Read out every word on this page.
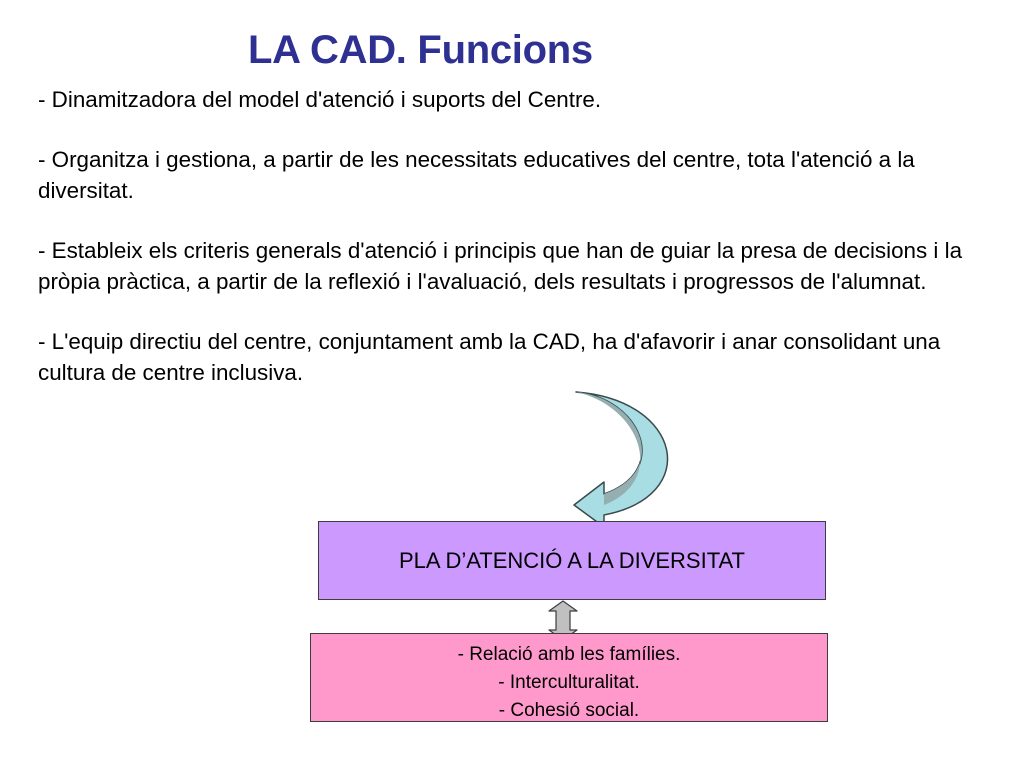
LA CAD. Funcions

- Dinamitzadora del model d'atenció i suports del Centre.

- Organitza i gestiona, a partir de les necessitats educatives del centre, tota l'atenció a la diversitat.

- Estableix els criteris generals d'atenció i principis que han de guiar la presa de decisions i la pròpia pràctica, a partir de la reflexió i l'avaluació, dels resultats i progressos de l'alumnat.

- L'equip directiu del centre, conjuntament amb la CAD, ha d'afavorir i anar consolidant una cultura de centre inclusiva.

PLA D’ATENCIÓ A LA DIVERSITAT
- Relació amb les famílies.
- Interculturalitat.
- Cohesió social.
